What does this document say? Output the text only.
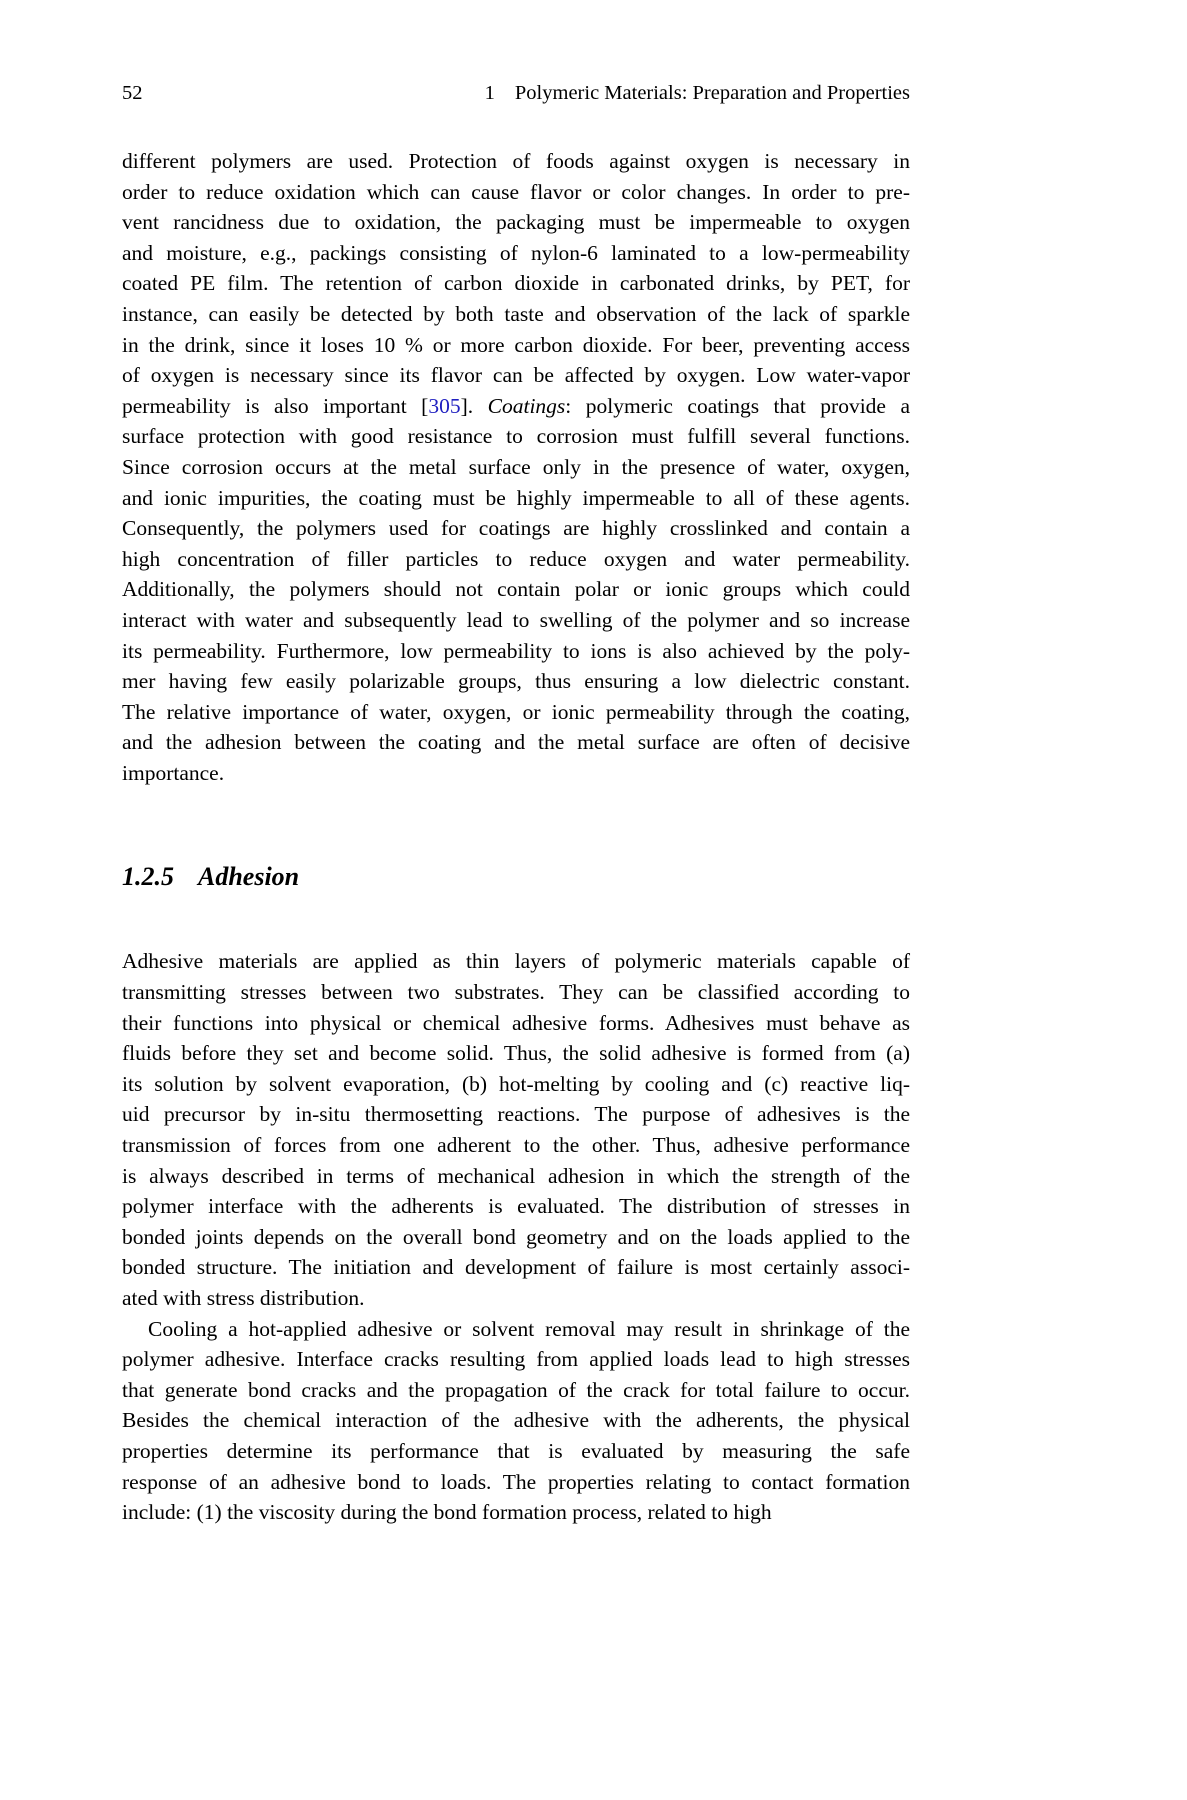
52	1 Polymeric Materials: Preparation and Properties
different polymers are used. Protection of foods against oxygen is necessary in
order to reduce oxidation which can cause flavor or color changes. In order to pre-
vent rancidness due to oxidation, the packaging must be impermeable to oxygen
and moisture, e.g., packings consisting of nylon-6 laminated to a low-permeability
coated PE film. The retention of carbon dioxide in carbonated drinks, by PET, for
instance, can easily be detected by both taste and observation of the lack of sparkle
in the drink, since it loses 10 % or more carbon dioxide. For beer, preventing access
of oxygen is necessary since its flavor can be affected by oxygen. Low water-vapor
permeability is also important [305]. Coatings: polymeric coatings that provide a
surface protection with good resistance to corrosion must fulfill several functions.
Since corrosion occurs at the metal surface only in the presence of water, oxygen,
and ionic impurities, the coating must be highly impermeable to all of these agents.
Consequently, the polymers used for coatings are highly crosslinked and contain a
high concentration of filler particles to reduce oxygen and water permeability.
Additionally, the polymers should not contain polar or ionic groups which could
interact with water and subsequently lead to swelling of the polymer and so increase
its permeability. Furthermore, low permeability to ions is also achieved by the poly-
mer having few easily polarizable groups, thus ensuring a low dielectric constant.
The relative importance of water, oxygen, or ionic permeability through the coating,
and the adhesion between the coating and the metal surface are often of decisive
importance.
1.2.5 Adhesion
Adhesive materials are applied as thin layers of polymeric materials capable of
transmitting stresses between two substrates. They can be classified according to
their functions into physical or chemical adhesive forms. Adhesives must behave as
fluids before they set and become solid. Thus, the solid adhesive is formed from (a)
its solution by solvent evaporation, (b) hot-melting by cooling and (c) reactive liq-
uid precursor by in-situ thermosetting reactions. The purpose of adhesives is the
transmission of forces from one adherent to the other. Thus, adhesive performance
is always described in terms of mechanical adhesion in which the strength of the
polymer interface with the adherents is evaluated. The distribution of stresses in
bonded joints depends on the overall bond geometry and on the loads applied to the
bonded structure. The initiation and development of failure is most certainly associ-
ated with stress distribution.
Cooling a hot-applied adhesive or solvent removal may result in shrinkage of the
polymer adhesive. Interface cracks resulting from applied loads lead to high stresses
that generate bond cracks and the propagation of the crack for total failure to occur.
Besides the chemical interaction of the adhesive with the adherents, the physical
properties determine its performance that is evaluated by measuring the safe
response of an adhesive bond to loads. The properties relating to contact formation
include: (1) the viscosity during the bond formation process, related to high
